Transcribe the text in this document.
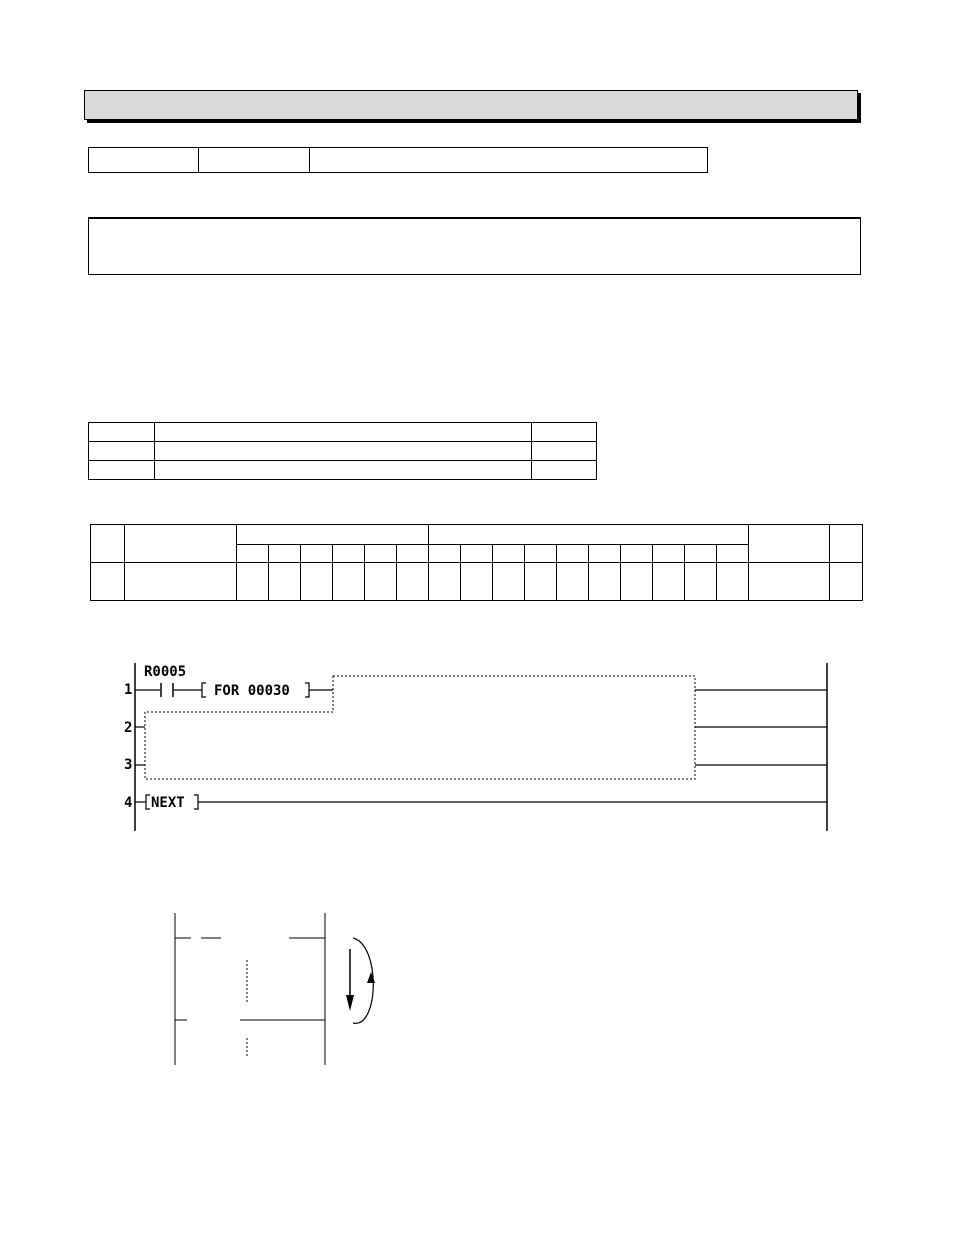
R0005
1	FOR 00030
2
3
4 NEXT
